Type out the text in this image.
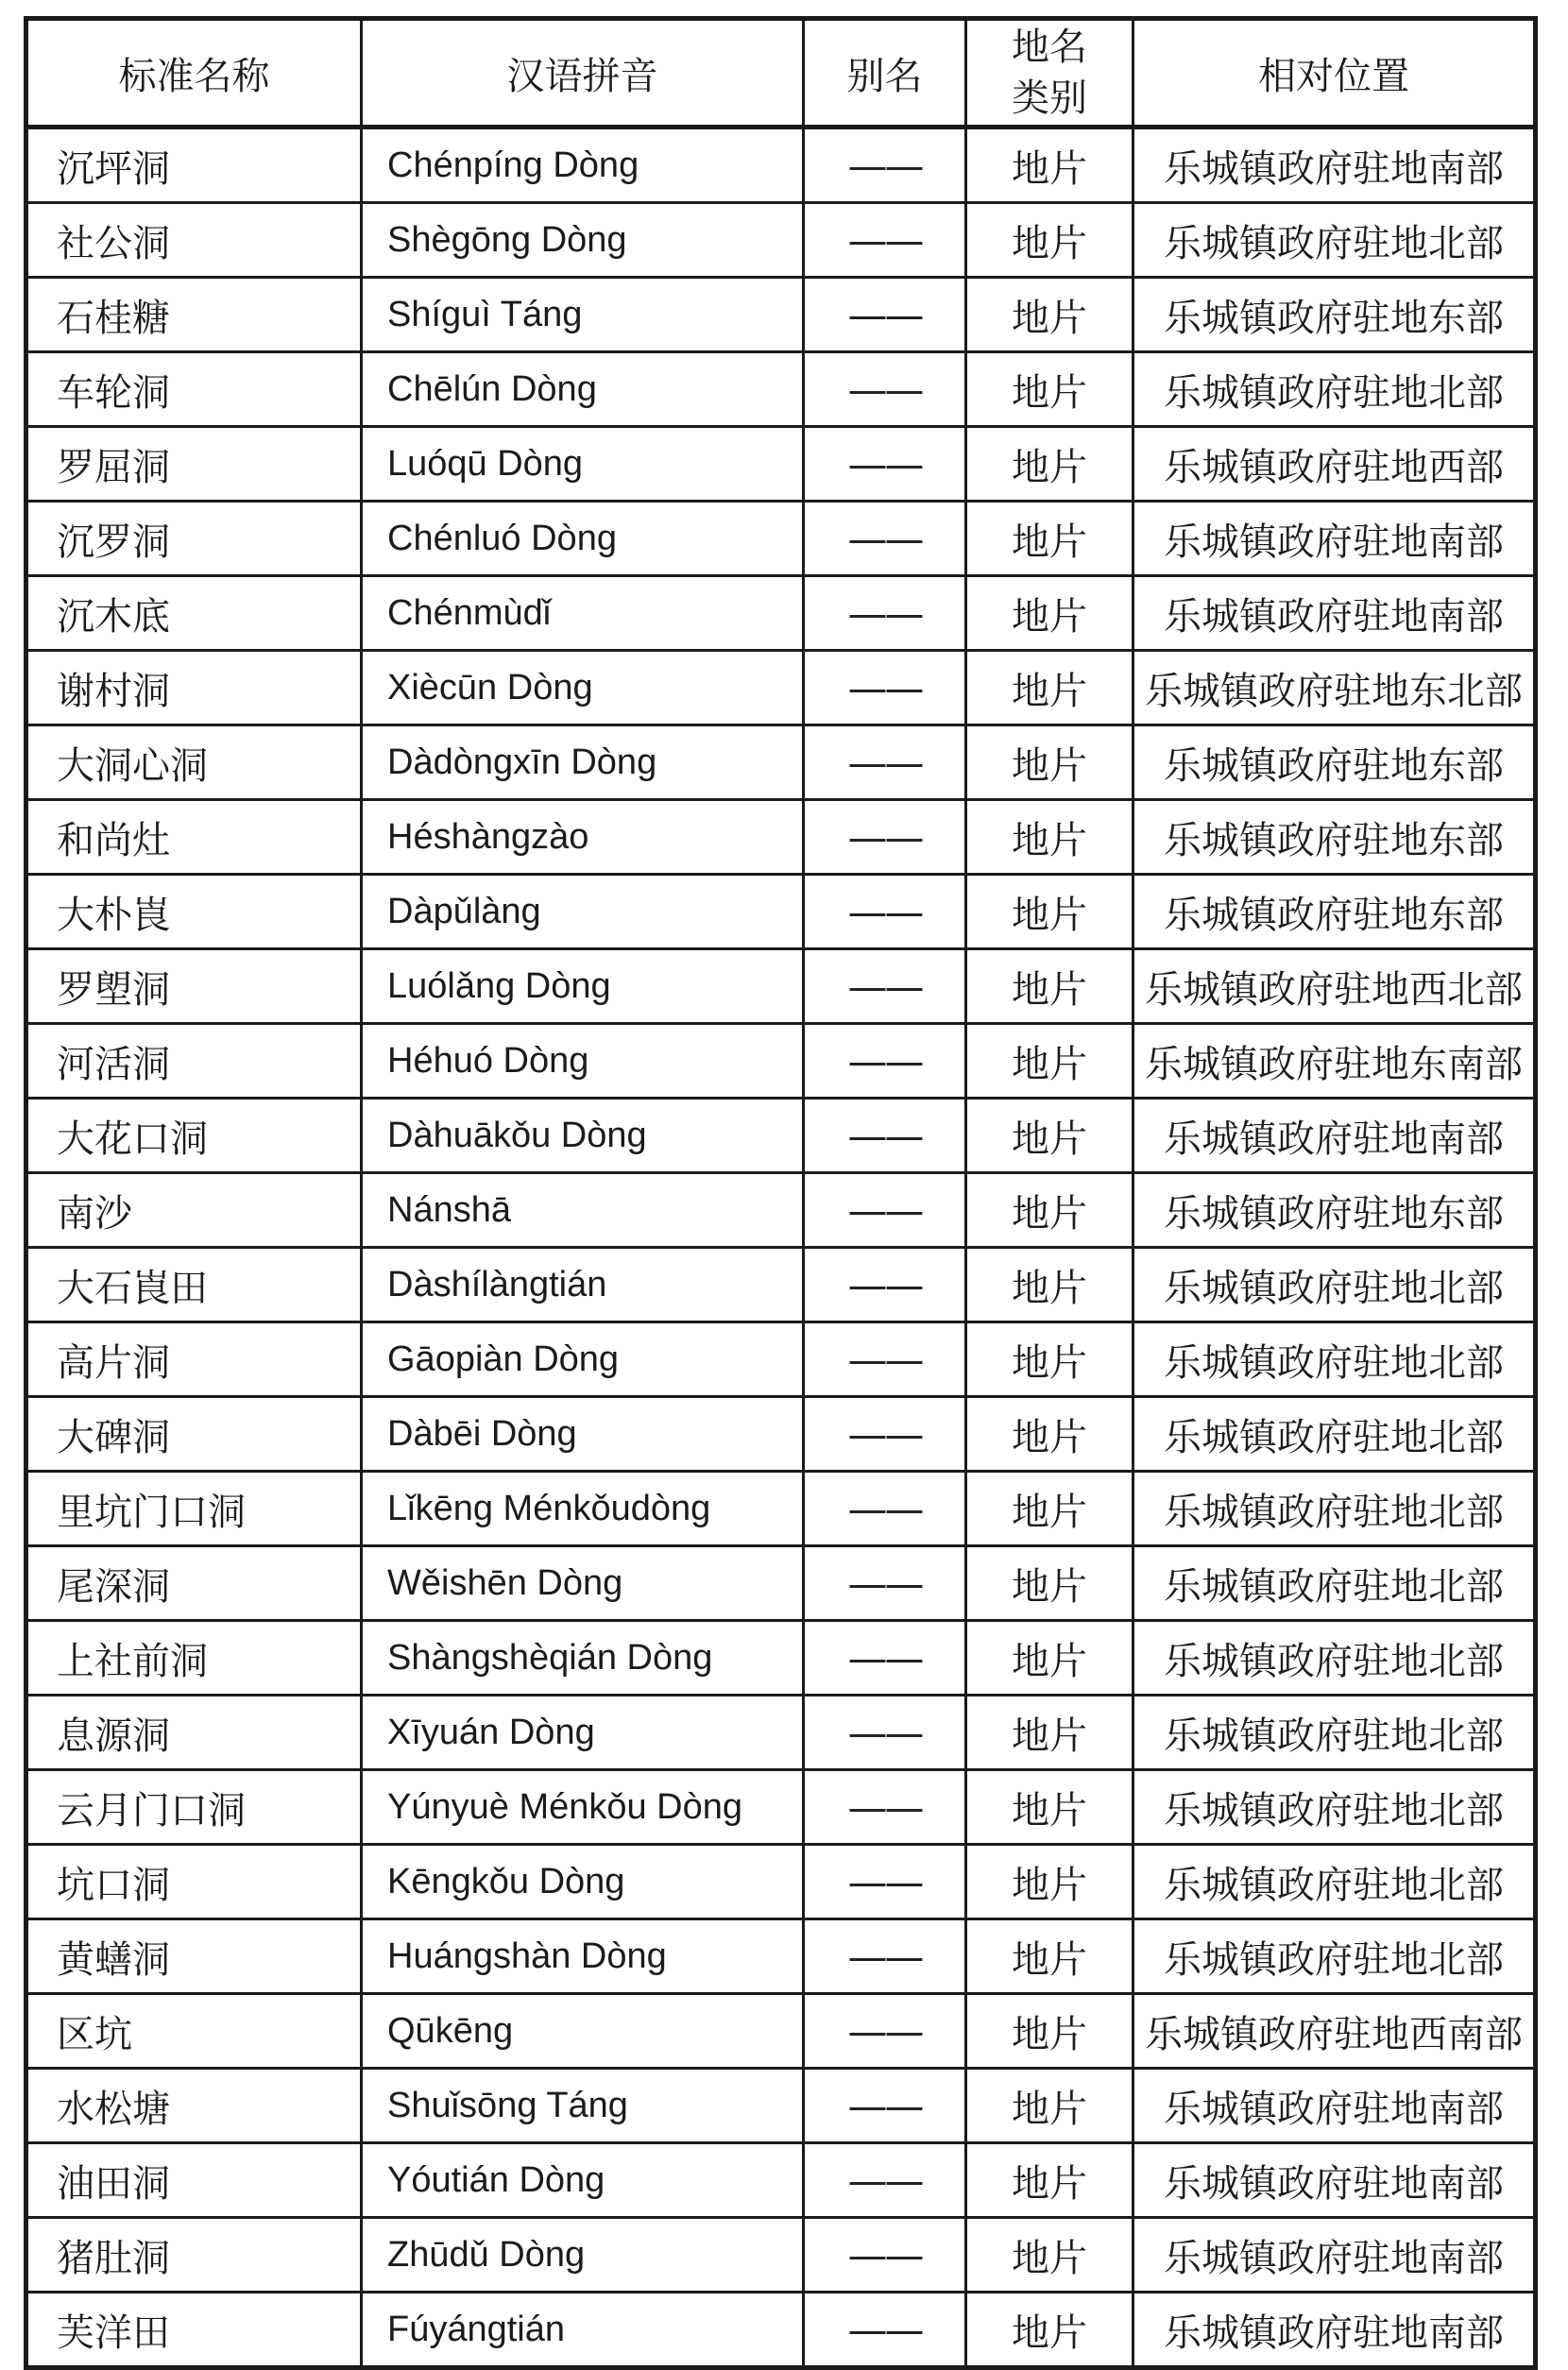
标准名称	汉语拼音	别名	地名类别	相对位置
沉坪洞	Chénpíng Dòng	——	地片	乐城镇政府驻地南部
社公洞	Shègōng Dòng	——	地片	乐城镇政府驻地北部
石桂糖	Shíguì Táng	——	地片	乐城镇政府驻地东部
车轮洞	Chēlún Dòng	——	地片	乐城镇政府驻地北部
罗屈洞	Luóqū Dòng	——	地片	乐城镇政府驻地西部
沉罗洞	Chénluó Dòng	——	地片	乐城镇政府驻地南部
沉木底	Chénmùdǐ	——	地片	乐城镇政府驻地南部
谢村洞	Xiècūn Dòng	——	地片	乐城镇政府驻地东北部
大洞心洞	Dàdòngxīn Dòng	——	地片	乐城镇政府驻地东部
和尚灶	Héshàngzào	——	地片	乐城镇政府驻地东部
大朴崀	Dàpǔlàng	——	地片	乐城镇政府驻地东部
罗塱洞	Luólǎng Dòng	——	地片	乐城镇政府驻地西北部
河活洞	Héhuó Dòng	——	地片	乐城镇政府驻地东南部
大花口洞	Dàhuākǒu Dòng	——	地片	乐城镇政府驻地南部
南沙	Nánshā	——	地片	乐城镇政府驻地东部
大石崀田	Dàshílàngtián	——	地片	乐城镇政府驻地北部
高片洞	Gāopiàn Dòng	——	地片	乐城镇政府驻地北部
大碑洞	Dàbēi Dòng	——	地片	乐城镇政府驻地北部
里坑门口洞	Lǐkēng Ménkǒudòng	——	地片	乐城镇政府驻地北部
尾深洞	Wěishēn Dòng	——	地片	乐城镇政府驻地北部
上社前洞	Shàngshèqián Dòng	——	地片	乐城镇政府驻地北部
息源洞	Xīyuán Dòng	——	地片	乐城镇政府驻地北部
云月门口洞	Yúnyuè Ménkǒu Dòng	——	地片	乐城镇政府驻地北部
坑口洞	Kēngkǒu Dòng	——	地片	乐城镇政府驻地北部
黄蟮洞	Huángshàn Dòng	——	地片	乐城镇政府驻地北部
区坑	Qūkēng	——	地片	乐城镇政府驻地西南部
水松塘	Shuǐsōng Táng	——	地片	乐城镇政府驻地南部
油田洞	Yóutián Dòng	——	地片	乐城镇政府驻地南部
猪肚洞	Zhūdǔ Dòng	——	地片	乐城镇政府驻地南部
芙洋田	Fúyángtián	——	地片	乐城镇政府驻地南部
